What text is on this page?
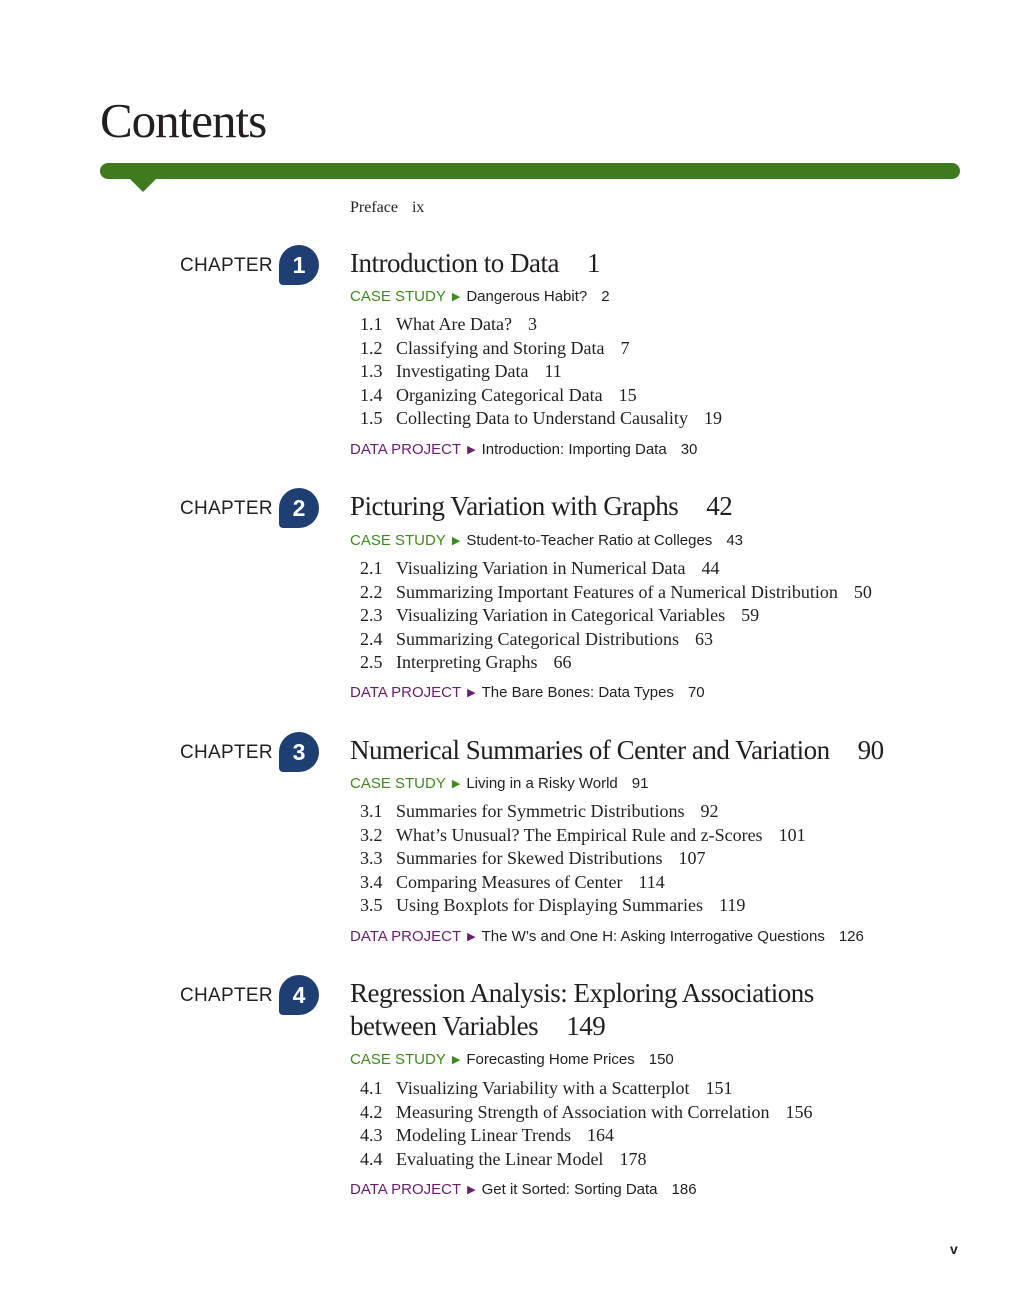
Contents
Preface ix
CHAPTER 1	Introduction to Data 1
CASE STUDY ▶ Dangerous Habit? 2
1.1 What Are Data? 3
1.2 Classifying and Storing Data 7
1.3 Investigating Data 11
1.4 Organizing Categorical Data 15
1.5 Collecting Data to Understand Causality 19
DATA PROJECT ▶ Introduction: Importing Data 30
CHAPTER 2	Picturing Variation with Graphs 42
CASE STUDY ▶ Student-to-Teacher Ratio at Colleges 43
2.1 Visualizing Variation in Numerical Data 44
2.2 Summarizing Important Features of a Numerical Distribution 50
2.3 Visualizing Variation in Categorical Variables 59
2.4 Summarizing Categorical Distributions 63
2.5 Interpreting Graphs 66
DATA PROJECT ▶ The Bare Bones: Data Types 70
CHAPTER 3	Numerical Summaries of Center and Variation 90
CASE STUDY ▶ Living in a Risky World 91
3.1 Summaries for Symmetric Distributions 92
3.2 What’s Unusual? The Empirical Rule and z-Scores 101
3.3 Summaries for Skewed Distributions 107
3.4 Comparing Measures of Center 114
3.5 Using Boxplots for Displaying Summaries 119
DATA PROJECT ▶ The W’s and One H: Asking Interrogative Questions 126
CHAPTER 4	Regression Analysis: Exploring Associations
between Variables 149
CASE STUDY ▶ Forecasting Home Prices 150
4.1 Visualizing Variability with a Scatterplot 151
4.2 Measuring Strength of Association with Correlation 156
4.3 Modeling Linear Trends 164
4.4 Evaluating the Linear Model 178
DATA PROJECT ▶ Get it Sorted: Sorting Data 186
v
